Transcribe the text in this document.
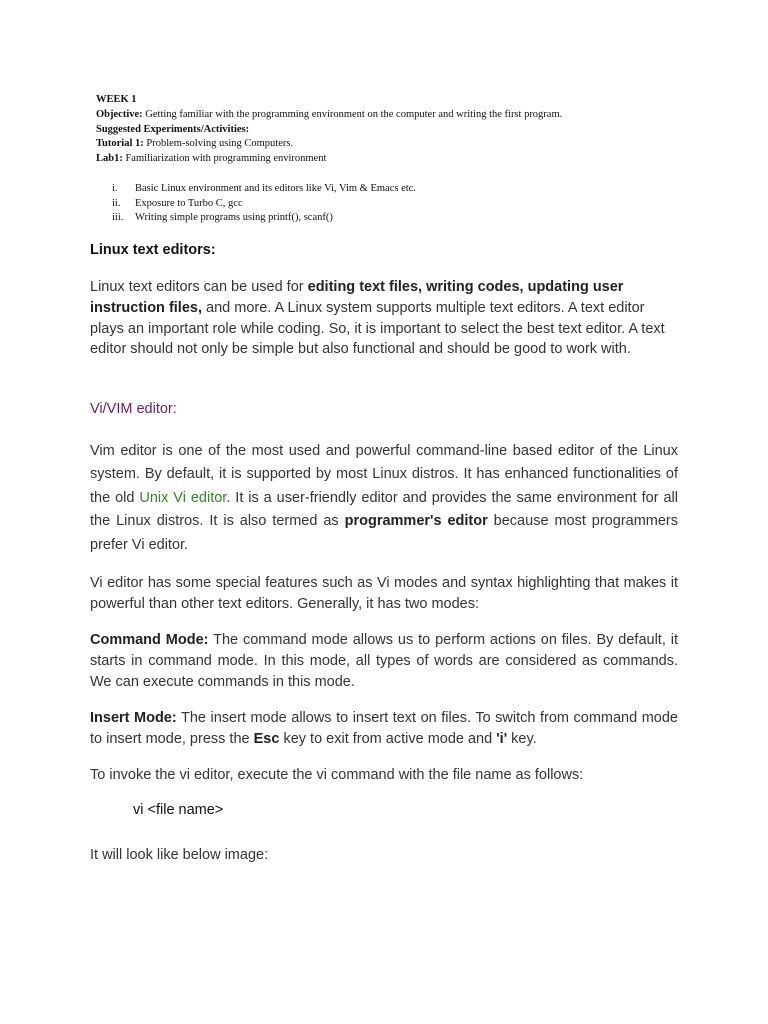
WEEK 1
Objective: Getting familiar with the programming environment on the computer and writing the first program.
Suggested Experiments/Activities:
Tutorial 1: Problem-solving using Computers.
Lab1: Familiarization with programming environment
i.	Basic Linux environment and its editors like Vi, Vim & Emacs etc.
ii.	Exposure to Turbo C, gcc
iii.	Writing simple programs using printf(), scanf()
Linux text editors:
Linux text editors can be used for editing text files, writing codes, updating user instruction files, and more. A Linux system supports multiple text editors. A text editor plays an important role while coding. So, it is important to select the best text editor. A text editor should not only be simple but also functional and should be good to work with.
Vi/VIM editor:
Vim editor is one of the most used and powerful command-line based editor of the Linux system. By default, it is supported by most Linux distros. It has enhanced functionalities of the old Unix Vi editor. It is a user-friendly editor and provides the same environment for all the Linux distros. It is also termed as programmer's editor because most programmers prefer Vi editor.
Vi editor has some special features such as Vi modes and syntax highlighting that makes it powerful than other text editors. Generally, it has two modes:
Command Mode: The command mode allows us to perform actions on files. By default, it starts in command mode. In this mode, all types of words are considered as commands. We can execute commands in this mode.
Insert Mode: The insert mode allows to insert text on files. To switch from command mode to insert mode, press the Esc key to exit from active mode and 'i' key.
To invoke the vi editor, execute the vi command with the file name as follows:
vi <file name>
It will look like below image:
